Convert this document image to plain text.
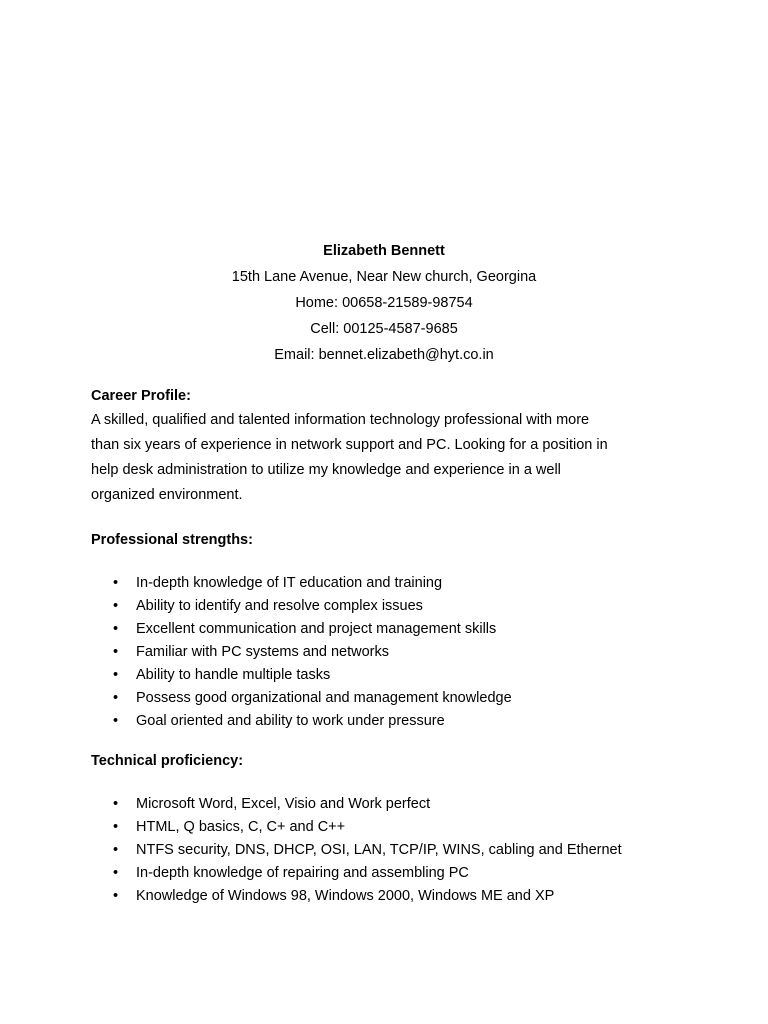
Elizabeth Bennett
15th Lane Avenue, Near New church, Georgina
Home: 00658-21589-98754
Cell: 00125-4587-9685
Email: bennet.elizabeth@hyt.co.in
Career Profile:
A skilled, qualified and talented information technology professional with more
than six years of experience in network support and PC. Looking for a position in
help desk administration to utilize my knowledge and experience in a well
organized environment.
Professional strengths:
• In-depth knowledge of IT education and training
• Ability to identify and resolve complex issues
• Excellent communication and project management skills
• Familiar with PC systems and networks
• Ability to handle multiple tasks
• Possess good organizational and management knowledge
• Goal oriented and ability to work under pressure
Technical proficiency:
• Microsoft Word, Excel, Visio and Work perfect
• HTML, Q basics, C, C+ and C++
• NTFS security, DNS, DHCP, OSI, LAN, TCP/IP, WINS, cabling and Ethernet
• In-depth knowledge of repairing and assembling PC
• Knowledge of Windows 98, Windows 2000, Windows ME and XP
